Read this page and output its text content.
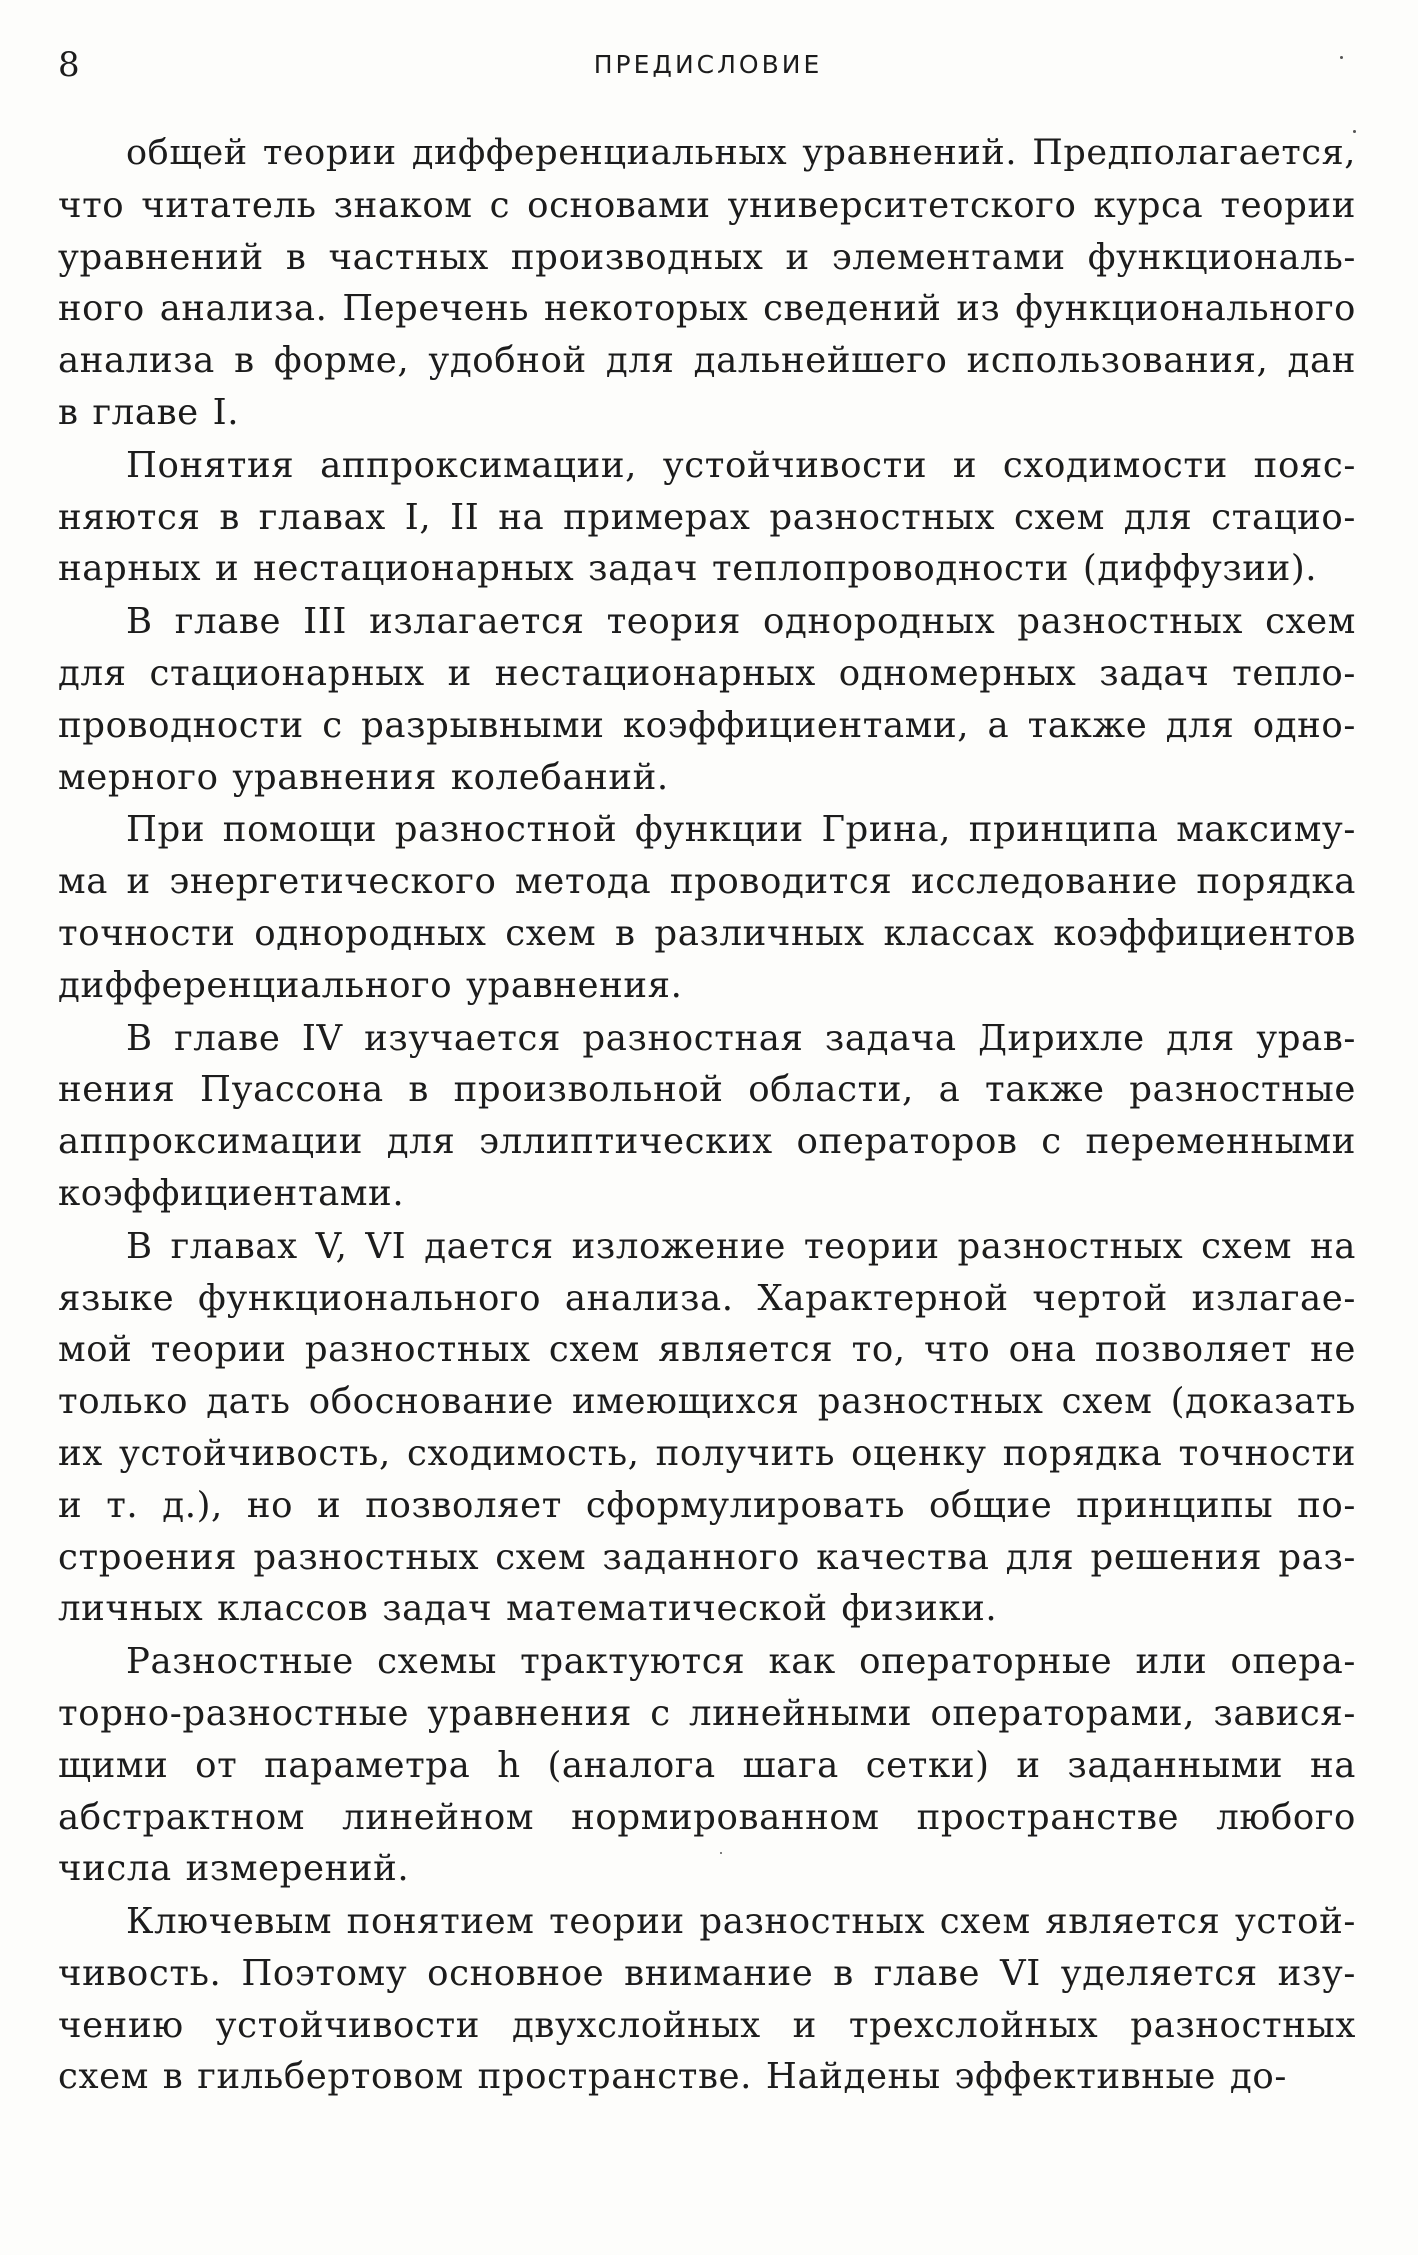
8	ПРЕДИСЛОВИЕ
общей теории дифференциальных уравнений. Предполагается,
что читатель знаком с основами университетского курса теории
уравнений в частных производных и элементами функциональ-
ного анализа. Перечень некоторых сведений из функционального
анализа в форме, удобной для дальнейшего использования, дан
в главе I.
Понятия аппроксимации, устойчивости и сходимости пояс-
няются в главах I, II на примерах разностных схем для стацио-
нарных и нестационарных задач теплопроводности (диффузии).
В главе III излагается теория однородных разностных схем
для стационарных и нестационарных одномерных задач тепло-
проводности с разрывными коэффициентами, а также для одно-
мерного уравнения колебаний.
При помощи разностной функции Грина, принципа максиму-
ма и энергетического метода проводится исследование порядка
точности однородных схем в различных классах коэффициентов
дифференциального уравнения.
В главе IV изучается разностная задача Дирихле для урав-
нения Пуассона в произвольной области, а также разностные
аппроксимации для эллиптических операторов с переменными
коэффициентами.
В главах V, VI дается изложение теории разностных схем на
языке функционального анализа. Характерной чертой излагае-
мой теории разностных схем является то, что она позволяет не
только дать обоснование имеющихся разностных схем (доказать
их устойчивость, сходимость, получить оценку порядка точности
и т. д.), но и позволяет сформулировать общие принципы по-
строения разностных схем заданного качества для решения раз-
личных классов задач математической физики.
Разностные схемы трактуются как операторные или опера-
торно-разностные уравнения с линейными операторами, завися-
щими от параметра h (аналога шага сетки) и заданными на
абстрактном линейном нормированном пространстве любого
числа измерений.
Ключевым понятием теории разностных схем является устой-
чивость. Поэтому основное внимание в главе VI уделяется изу-
чению устойчивости двухслойных и трехслойных разностных
схем в гильбертовом пространстве. Найдены эффективные до-
